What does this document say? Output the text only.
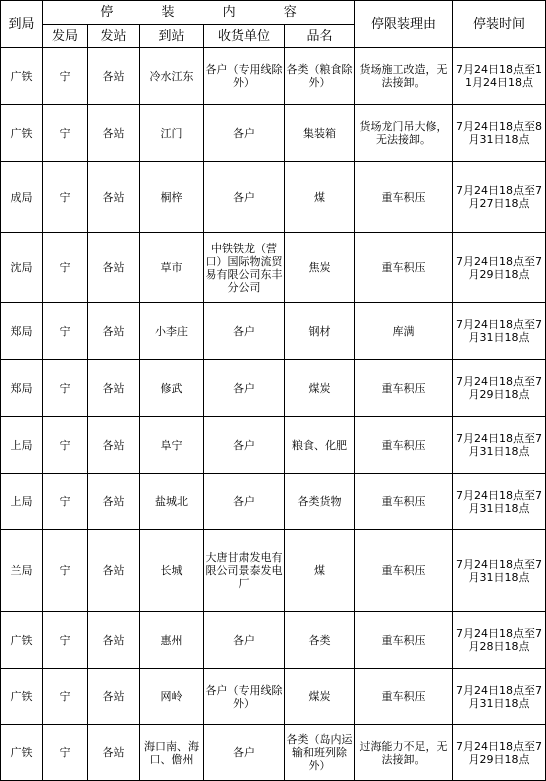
到局	停 装 内 容					停限装理由	停装时间
	发局	发站	到站	收货单位	品名		
广铁	宁	各站	冷水江东	各户（专用线除外）	各类（粮食除外）	货场施工改造，无法接卸。	7月24日18点至11月24日18点
广铁	宁	各站	江门	各户	集装箱	货场龙门吊大修，无法接卸。	7月24日18点至8月31日18点
成局	宁	各站	桐梓	各户	煤	重车积压	7月24日18点至7月27日18点
沈局	宁	各站	草市	中铁铁龙（营口）国际物流贸易有限公司东丰分公司	焦炭	重车积压	7月24日18点至7月29日18点
郑局	宁	各站	小李庄	各户	钢材	库满	7月24日18点至7月31日18点
郑局	宁	各站	修武	各户	煤炭	重车积压	7月24日18点至7月29日18点
上局	宁	各站	阜宁	各户	粮食、化肥	重车积压	7月24日18点至7月31日18点
上局	宁	各站	盐城北	各户	各类货物	重车积压	7月24日18点至7月31日18点
兰局	宁	各站	长城	大唐甘肃发电有限公司景泰发电厂	煤	重车积压	7月24日18点至7月31日18点
广铁	宁	各站	惠州	各户	各类	重车积压	7月24日18点至7月28日18点
广铁	宁	各站	网岭	各户（专用线除外）	煤炭	重车积压	7月24日18点至7月31日18点
广铁	宁	各站	海口南、海口、儋州	各户	各类（岛内运输和班列除外）	过海能力不足，无法接卸。	7月24日18点至7月29日18点
